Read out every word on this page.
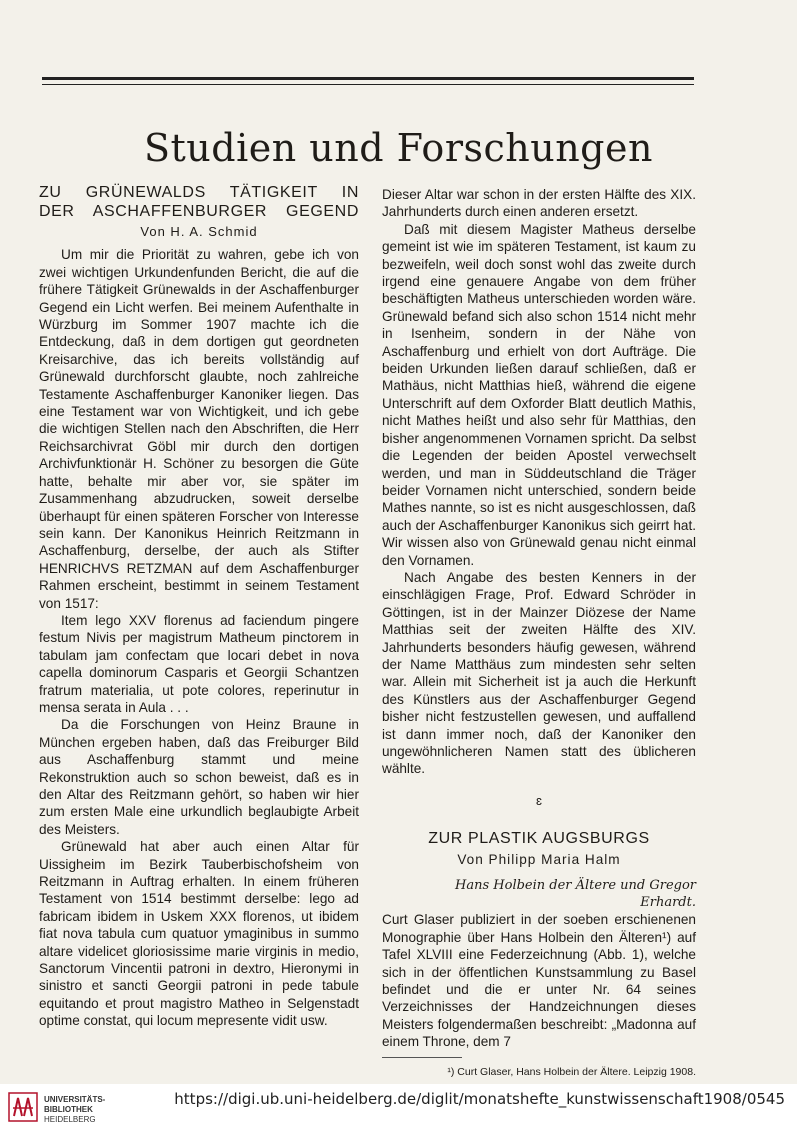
Studien und Forschungen
ZU GRÜNEWALDS TÄTIGKEIT IN
DER ASCHAFFENBURGER GEGEND
Von H. A. Schmid

Um mir die Priorität zu wahren, gebe ich von zwei wichtigen Urkundenfunden Bericht, die auf die frühere Tätigkeit Grünewalds in der Aschaffenburger Gegend ein Licht werfen. Bei meinem Aufenthalte in Würzburg im Sommer 1907 machte ich die Entdeckung, daß in dem dortigen gut geordneten Kreisarchive, das ich bereits vollständig auf Grünewald durchforscht glaubte, noch zahlreiche Testamente Aschaffenburger Kanoniker liegen. Das eine Testament war von Wichtigkeit, und ich gebe die wichtigen Stellen nach den Abschriften, die Herr Reichsarchivrat Göbl mir durch den dortigen Archivfunktionär H. Schöner zu besorgen die Güte hatte, behalte mir aber vor, sie später im Zusammenhang abzudrucken, soweit derselbe überhaupt für einen späteren Forscher von Interesse sein kann. Der Kanonikus Heinrich Reitzmann in Aschaffenburg, derselbe, der auch als Stifter HENRICHVS RETZMAN auf dem Aschaffenburger Rahmen erscheint, bestimmt in seinem Testament von 1517:

Item lego XXV florenus ad faciendum pingere festum Nivis per magistrum Matheum pinctorem in tabulam jam confectam que locari debet in nova capella dominorum Casparis et Georgii Schantzen fratrum materialia, ut pote colores, reperinutur in mensa serata in Aula . . .

Da die Forschungen von Heinz Braune in München ergeben haben, daß das Freiburger Bild aus Aschaffenburg stammt und meine Rekonstruktion auch so schon beweist, daß es in den Altar des Reitzmann gehört, so haben wir hier zum ersten Male eine urkundlich beglaubigte Arbeit des Meisters.

Grünewald hat aber auch einen Altar für Uissigheim im Bezirk Tauberbischofsheim von Reitzmann in Auftrag erhalten. In einem früheren Testament von 1514 bestimmt derselbe: lego ad fabricam ibidem in Uskem XXX florenos, ut ibidem fiat nova tabula cum quatuor ymaginibus in summo altare videlicet gloriosissime marie virginis in medio, Sanctorum Vincentii patroni in dextro, Hieronymi in sinistro et sancti Georgii patroni in pede tabule equitando et prout magistro Matheo in Selgenstadt optime constat, qui locum mepresente vidit usw.

Dieser Altar war schon in der ersten Hälfte des XIX. Jahrhunderts durch einen anderen ersetzt.

Daß mit diesem Magister Matheus derselbe gemeint ist wie im späteren Testament, ist kaum zu bezweifeln, weil doch sonst wohl das zweite durch irgend eine genauere Angabe von dem früher beschäftigten Matheus unterschieden worden wäre. Grünewald befand sich also schon 1514 nicht mehr in Isenheim, sondern in der Nähe von Aschaffenburg und erhielt von dort Aufträge. Die beiden Urkunden ließen darauf schließen, daß er Mathäus, nicht Matthias hieß, während die eigene Unterschrift auf dem Oxforder Blatt deutlich Mathis, nicht Mathes heißt und also sehr für Matthias, den bisher angenommenen Vornamen spricht. Da selbst die Legenden der beiden Apostel verwechselt werden, und man in Süddeutschland die Träger beider Vornamen nicht unterschied, sondern beide Mathes nannte, so ist es nicht ausgeschlossen, daß auch der Aschaffenburger Kanonikus sich geirrt hat. Wir wissen also von Grünewald genau nicht einmal den Vornamen.

Nach Angabe des besten Kenners in der einschlägigen Frage, Prof. Edward Schröder in Göttingen, ist in der Mainzer Diözese der Name Matthias seit der zweiten Hälfte des XIV. Jahrhunderts besonders häufig gewesen, während der Name Matthäus zum mindesten sehr selten war. Allein mit Sicherheit ist ja auch die Herkunft des Künstlers aus der Aschaffenburger Gegend bisher nicht festzustellen gewesen, und auffallend ist dann immer noch, daß der Kanoniker den ungewöhnlicheren Namen statt des üblicheren wählte.

ɛ
ZUR PLASTIK AUGSBURGS
Von Philipp Maria Halm

Hans Holbein der Ältere und Gregor Erhardt.

Curt Glaser publiziert in der soeben erschienenen Monographie über Hans Holbein den Älteren¹) auf Tafel XLVIII eine Federzeichnung (Abb. 1), welche sich in der öffentlichen Kunstsammlung zu Basel befindet und die er unter Nr. 64 seines Verzeichnisses der Handzeichnungen dieses Meisters folgendermaßen beschreibt: „Madonna auf einem Throne, dem 7

¹) Curt Glaser, Hans Holbein der Ältere. Leipzig 1908.

UNIVERSITÄTS-
BIBLIOTHEK
HEIDELBERG
https://digi.ub.uni-heidelberg.de/diglit/monatshefte_kunstwissenschaft1908/0545
